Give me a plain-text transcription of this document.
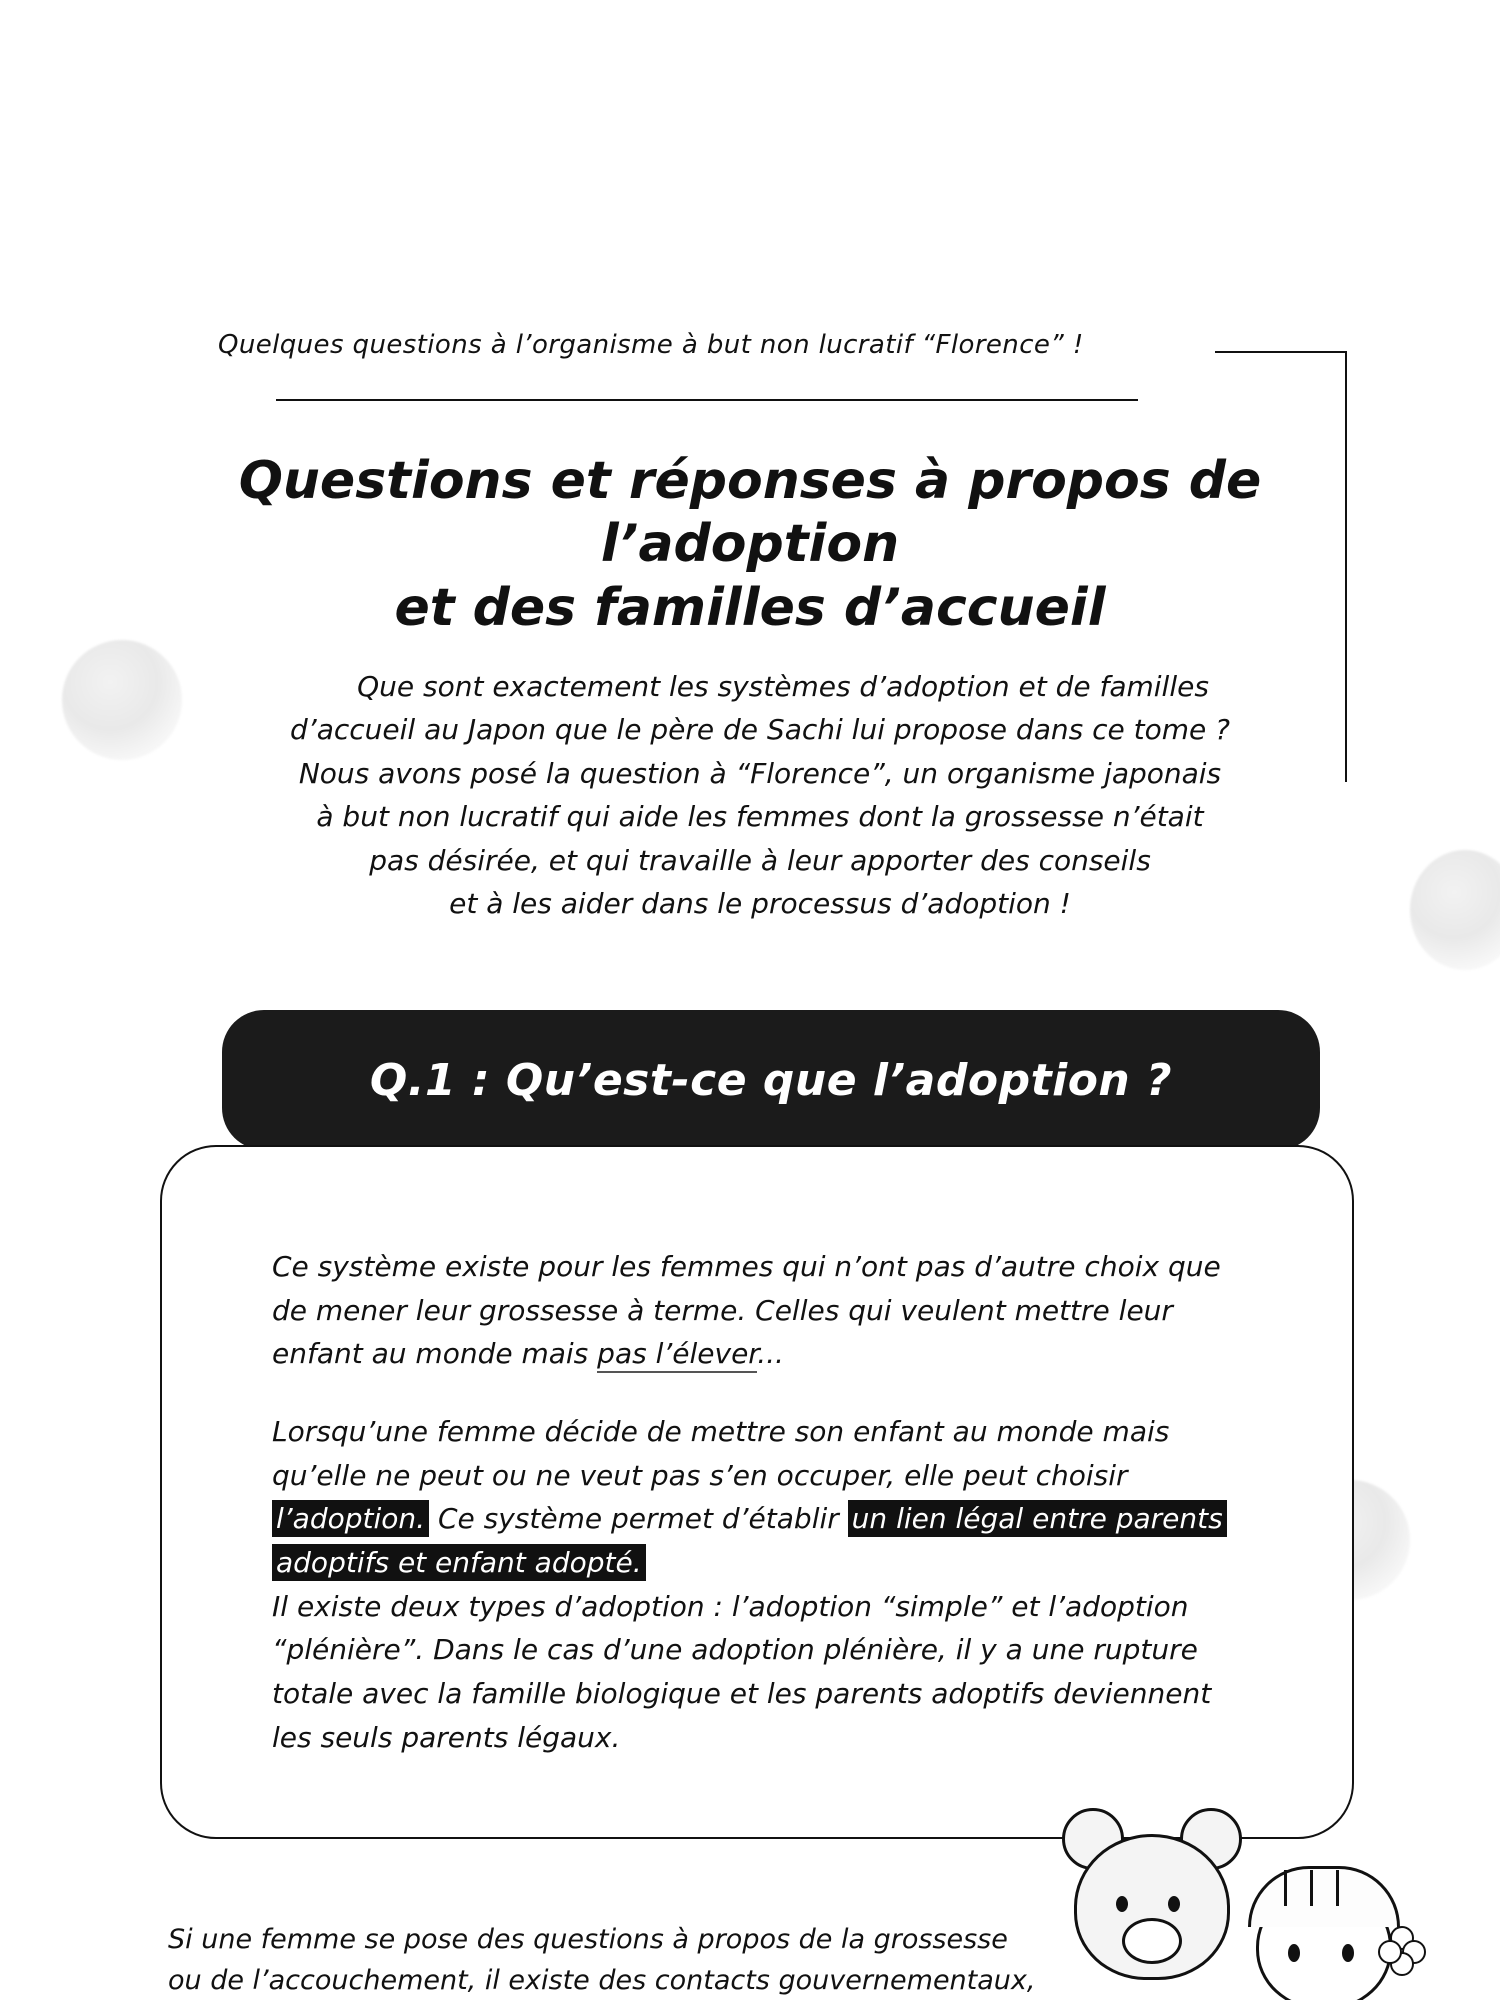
Quelques questions à l’organisme à but non lucratif “Florence” !
Questions et réponses à propos de l’adoption
et des familles d’accueil
Que sont exactement les systèmes d’adoption et de familles
d’accueil au Japon que le père de Sachi lui propose dans ce tome ?
Nous avons posé la question à “Florence”, un organisme japonais
à but non lucratif qui aide les femmes dont la grossesse n’était
pas désirée, et qui travaille à leur apporter des conseils
et à les aider dans le processus d’adoption !
Q.1 : Qu’est-ce que l’adoption ?

Ce système existe pour les femmes qui n’ont pas d’autre choix que de mener leur grossesse à terme. Celles qui veulent mettre leur enfant au monde mais pas l’élever...

Lorsqu’une femme décide de mettre son enfant au monde mais qu’elle ne peut ou ne veut pas s’en occuper, elle peut choisir l’adoption. Ce système permet d’établir un lien légal entre parents adoptifs et enfant adopté.

Il existe deux types d’adoption : l’adoption “simple” et l’adoption “plénière”. Dans le cas d’une adoption plénière, il y a une rupture totale avec la famille biologique et les parents adoptifs deviennent les seuls parents légaux.

Si une femme se pose des questions à propos de la grossesse
ou de l’accouchement, il existe des contacts gouvernementaux,
